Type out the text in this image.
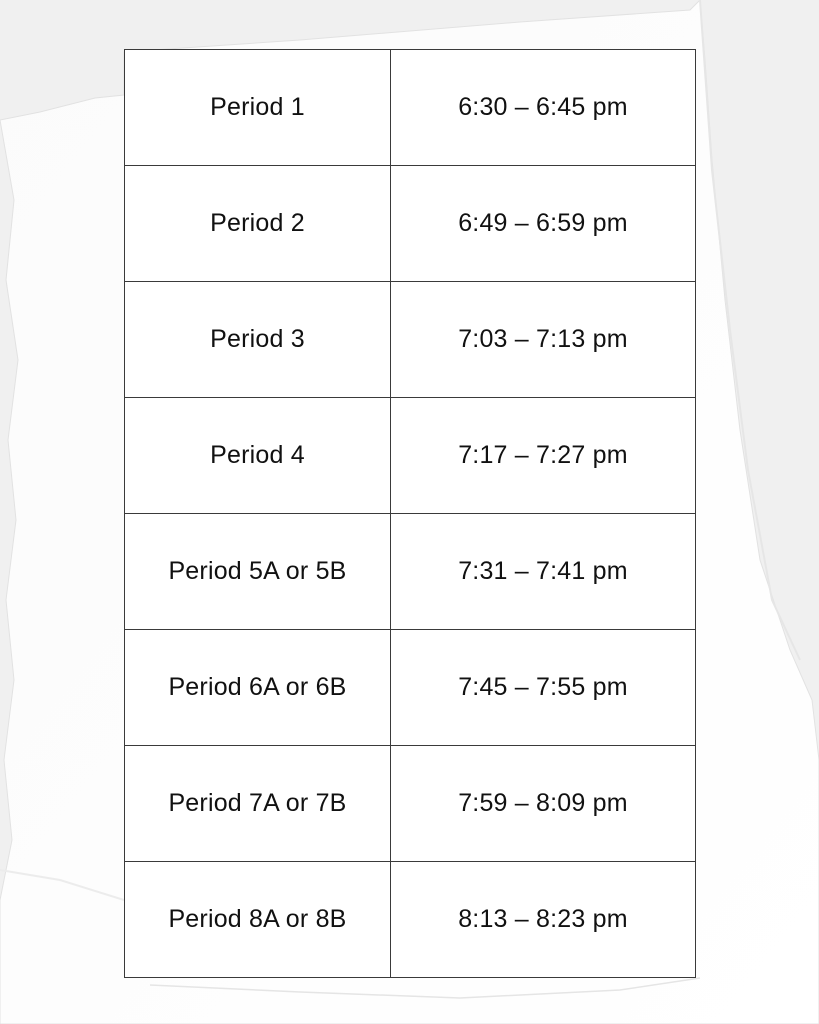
Period 1	6:30 – 6:45 pm
Period 2	6:49 – 6:59 pm
Period 3	7:03 – 7:13 pm
Period 4	7:17 – 7:27 pm
Period 5A or 5B	7:31 – 7:41 pm
Period 6A or 6B	7:45 – 7:55 pm
Period 7A or 7B	7:59 – 8:09 pm
Period 8A or 8B	8:13 – 8:23 pm
